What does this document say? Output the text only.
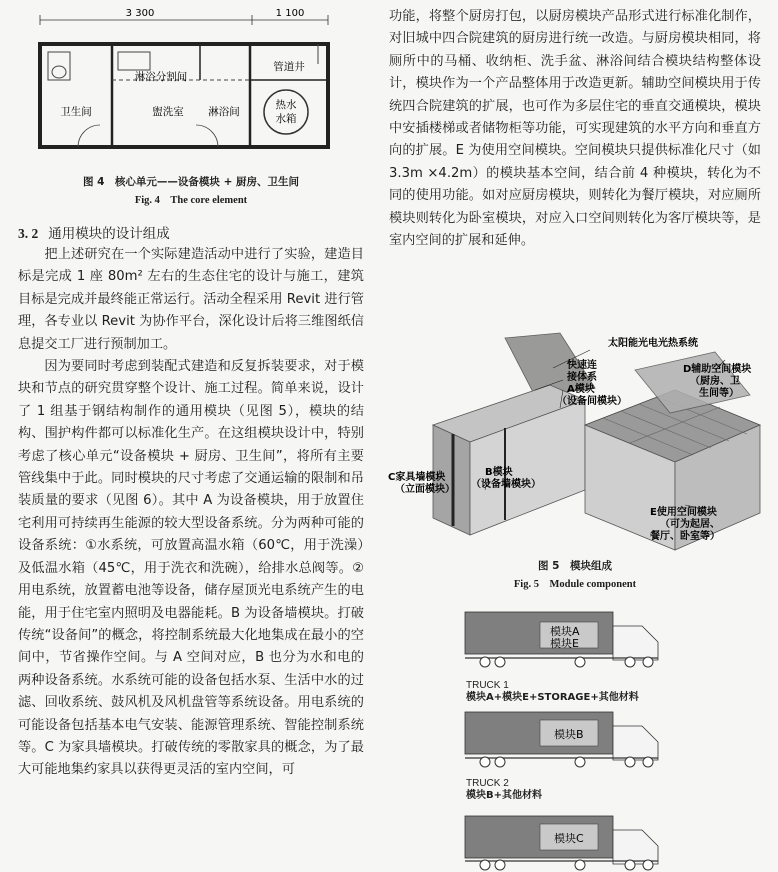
3 300	1 100
淋浴分割间
管道井
卫生间	盥洗室 淋浴间
热水
水箱

图 4　核心单元——设备模块 + 厨房、卫生间

Fig. 4　The core element

3. 2 通用模块的设计组成

把上述研究在一个实际建造活动中进行了实验，建造目标是完成 1 座 80m² 左右的生态住宅的设计与施工，建筑目标是完成并最终能正常运行。活动全程采用 Revit 进行管理，各专业以 Revit 为协作平台，深化设计后将三维图纸信息提交工厂进行预制加工。

因为要同时考虑到装配式建造和反复拆装要求，对于模块和节点的研究贯穿整个设计、施工过程。简单来说，设计了 1 组基于钢结构制作的通用模块（见图 5），模块的结构、围护构件都可以标准化生产。在这组模块设计中，特别考虑了核心单元“设备模块 + 厨房、卫生间”，将所有主要管线集中于此。同时模块的尺寸考虑了交通运输的限制和吊装质量的要求（见图 6）。其中 A 为设备模块，用于放置住宅利用可持续再生能源的较大型设备系统。分为两种可能的设备系统：①水系统，可放置高温水箱（60℃，用于洗澡）及低温水箱（45℃，用于洗衣和洗碗），给排水总阀等。②用电系统，放置蓄电池等设备，储存屋顶光电系统产生的电能，用于住宅室内照明及电器能耗。B 为设备墙模块。打破传统“设备间”的概念，将控制系统最大化地集成在最小的空间中，节省操作空间。与 A 空间对应，B 也分为水和电的两种设备系统。水系统可能的设备包括水泵、生活中水的过滤、回收系统、鼓风机及风机盘管等系统设备。用电系统的可能设备包括基本电气安装、能源管理系统、智能控制系统等。C 为家具墙模块。打破传统的零散家具的概念，为了最大可能地集约家具以获得更灵活的室内空间，可

功能，将整个厨房打包，以厨房模块产品形式进行标准化制作，对旧城中四合院建筑的厨房进行统一改造。与厨房模块相同，将厕所中的马桶、收纳柜、洗手盆、淋浴间结合模块结构整体设计，模块作为一个产品整体用于改造更新。辅助空间模块用于传统四合院建筑的扩展，也可作为多层住宅的垂直交通模块，模块中安插楼梯或者储物柜等功能，可实现建筑的水平方向和垂直方向的扩展。E 为使用空间模块。空间模块只提供标准化尺寸（如 3.3m ×4.2m）的模块基本空间，结合前 4 种模块，转化为不同的使用功能。如对应厨房模块，则转化为餐厅模块，对应厕所模块则转化为卧室模块，对应入口空间则转化为客厅模块等，是室内空间的扩展和延伸。

太阳能光电光热系统
快速连
接体系
A模块
（设备间模块）
D辅助空间模块
（厨房、卫
生间等）
C家具墙模块
（立面模块）
B模块
（设备墙模块）
E使用空间模块
（可为起居、
餐厅、卧室等）

图 5　模块组成

Fig. 5　Module component

模块A
模块E
模块B
模块C
TRUCK 1
模块A+模块E+STORAGE+其他材料
TRUCK 2
模块B+其他材料
